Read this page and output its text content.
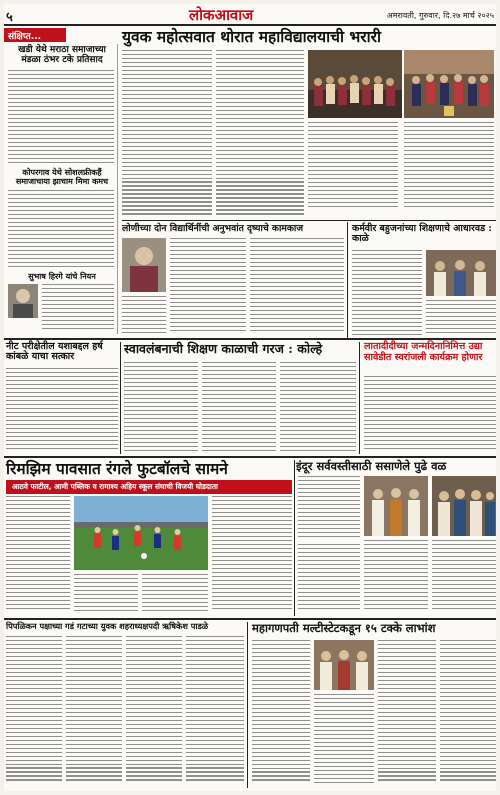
५	लोकआवाज	अमरावती, गुरुवार, दि.२७ मार्च २०२५
संक्षिप्त...
खडी येथे मराठा समाजाच्या मंडळा ठंभर टके प्रतिसाद
कोपरगाव येथे सोशलफ्रीकहैं समाजाचाया झाचाम मिमा कमच
सुभाष हिरगे यांचे नियन
युवक महोत्सवात थोरात महाविद्यालयाची भरारी
लोणीच्या दोन विद्यार्थिनींची अनुभवांत दृष्याचे कामकाज	कर्मवीर बहुजनांच्या शिक्षणाचे आधारवड : काळे
नीट परीक्षेतील यशाबद्दल हर्ष कांबळे याचा सत्कार
स्वावलंबनाची शिक्षण काळाची गरज : कोल्हे	लातादीदीच्या जन्मदिनानिमित्त उद्या सावेडीत स्वरांजली कार्यक्रम होणार
रिमझिम पावसात रंगले फुटबॉलचे सामने
आठवे फाटील, आमी पब्लिक व रामाश्य अहिय स्कूल संघाची विजयी घोडदाता
इंदूर सर्ववस्तीसाठी ससाणेले पुढे वळ
पिपळिकन पक्षाच्या गडं गटाच्या युवक शहराध्यक्षपदी ऋषिकेश पाडळे	महागणपती मल्टीस्टेटकडून १५ टक्के लाभांश
